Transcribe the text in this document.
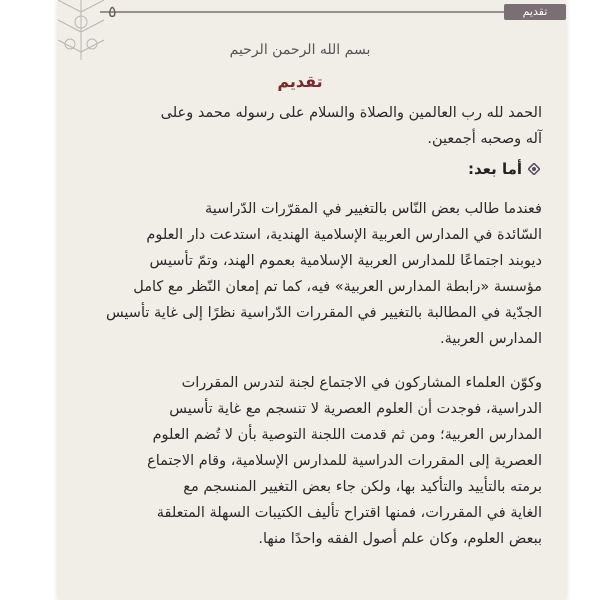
٥	تقديم
بسم الله الرحمن الرحيم
تقديم
الحمد لله رب العالمين والصلاة والسلام على رسوله محمد وعلى
آله وصحبه أجمعين.
أما بعد:
فعندما طالب بعض النّاس بالتغيير في المقرّرات الدّراسية
السّائدة في المدارس العربية الإسلامية الهندية، استدعت دار العلوم
ديوبند اجتماعًا للمدارس العربية الإسلامية بعموم الهند، وتمّ تأسيس
مؤسسة «رابطة المدارس العربية» فيه، كما تم إمعان النّظر مع كامل
الجدّية في المطالبة بالتغيير في المقررات الدّراسية نظرًا إلى غاية تأسيس
المدارس العربية.
وكوّن العلماء المشاركون في الاجتماع لجنة لتدرس المقررات
الدراسية، فوجدت أن العلوم العصرية لا تنسجم مع غاية تأسيس
المدارس العربية؛ ومن ثم قدمت اللجنة التوصية بأن لا تُضم العلوم
العصرية إلى المقررات الدراسية للمدارس الإسلامية، وقام الاجتماع
برمته بالتأييد والتأكيد بها، ولكن جاء بعض التغيير المنسجم مع
الغاية في المقررات، فمنها اقتراح تأليف الكتيبات السهلة المتعلقة
ببعض العلوم، وكان علم أصول الفقه واحدًا منها.
